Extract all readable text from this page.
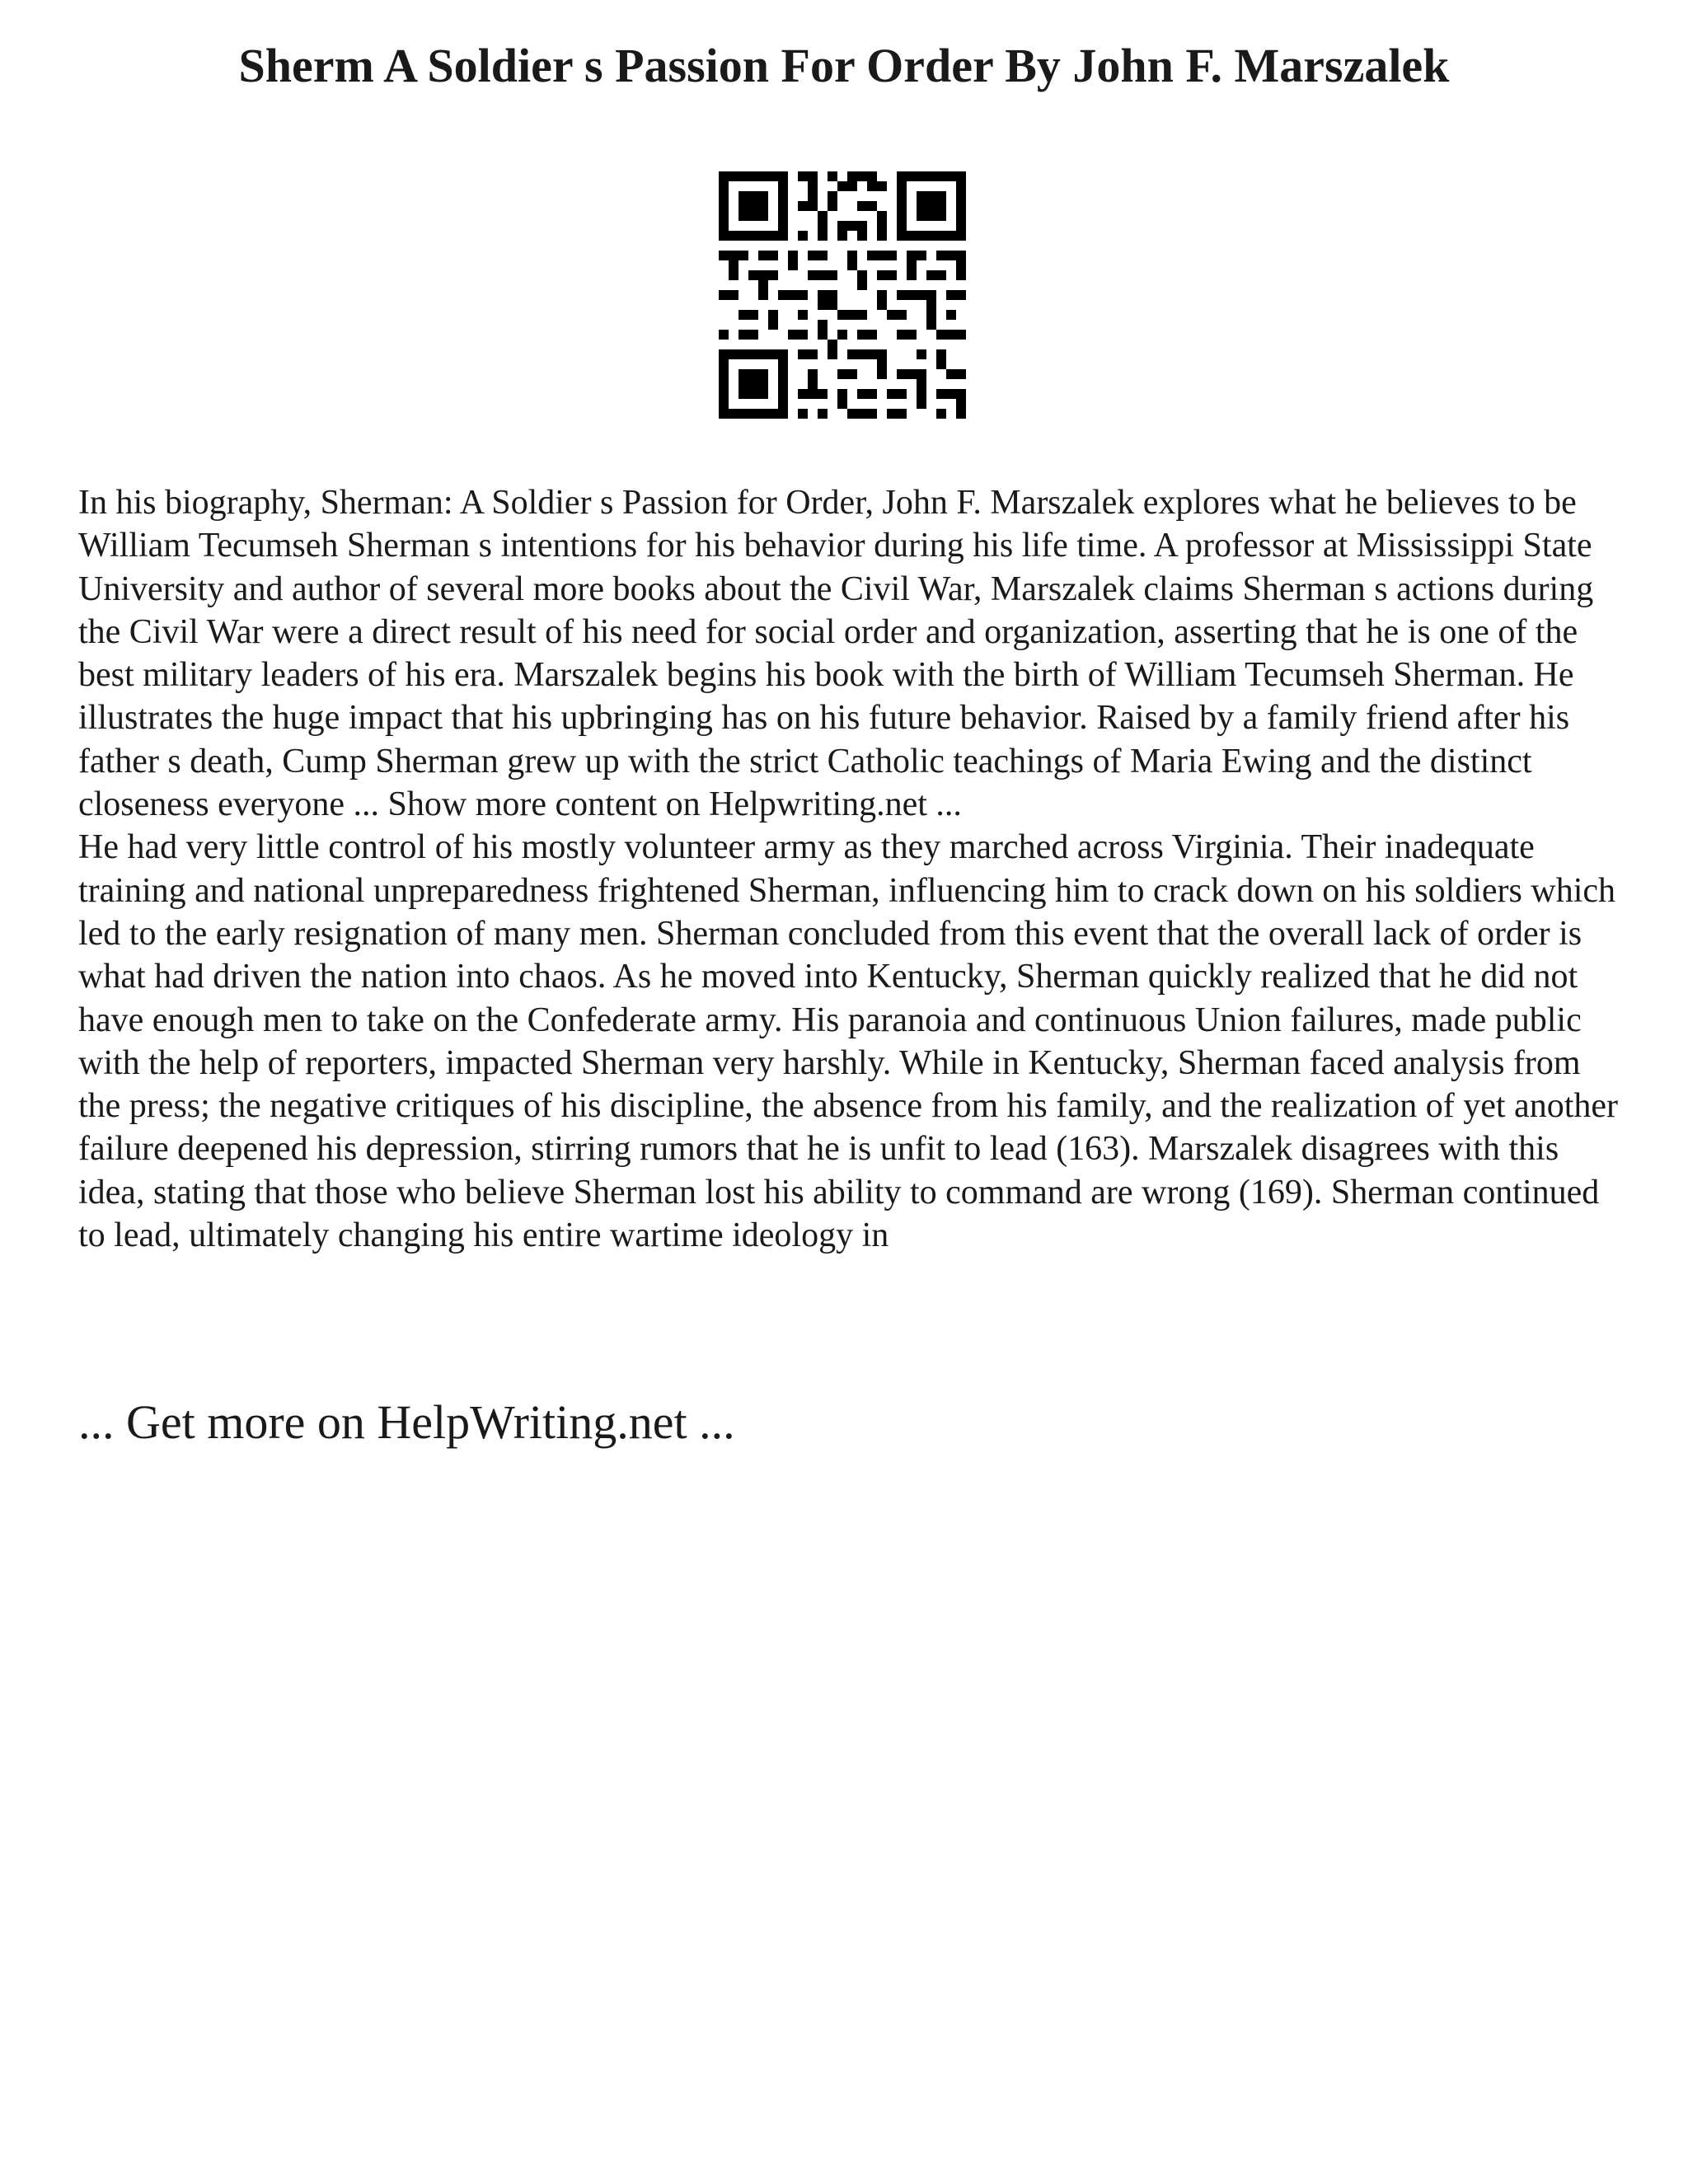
Sherm A Soldier s Passion For Order By John F. Marszalek

In his biography, Sherman: A Soldier s Passion for Order, John F. Marszalek explores what he believes to be William Tecumseh Sherman s intentions for his behavior during his life time. A professor at Mississippi State University and author of several more books about the Civil War, Marszalek claims Sherman s actions during the Civil War were a direct result of his need for social order and organization, asserting that he is one of the best military leaders of his era. Marszalek begins his book with the birth of William Tecumseh Sherman. He illustrates the huge impact that his upbringing has on his future behavior. Raised by a family friend after his father s death, Cump Sherman grew up with the strict Catholic teachings of Maria Ewing and the distinct closeness everyone ... Show more content on Helpwriting.net ...

He had very little control of his mostly volunteer army as they marched across Virginia. Their inadequate training and national unpreparedness frightened Sherman, influencing him to crack down on his soldiers which led to the early resignation of many men. Sherman concluded from this event that the overall lack of order is what had driven the nation into chaos. As he moved into Kentucky, Sherman quickly realized that he did not have enough men to take on the Confederate army. His paranoia and continuous Union failures, made public with the help of reporters, impacted Sherman very harshly. While in Kentucky, Sherman faced analysis from the press; the negative critiques of his discipline, the absence from his family, and the realization of yet another failure deepened his depression, stirring rumors that he is unfit to lead (163). Marszalek disagrees with this idea, stating that those who believe Sherman lost his ability to command are wrong (169). Sherman continued to lead, ultimately changing his entire wartime ideology in

... Get more on HelpWriting.net ...
